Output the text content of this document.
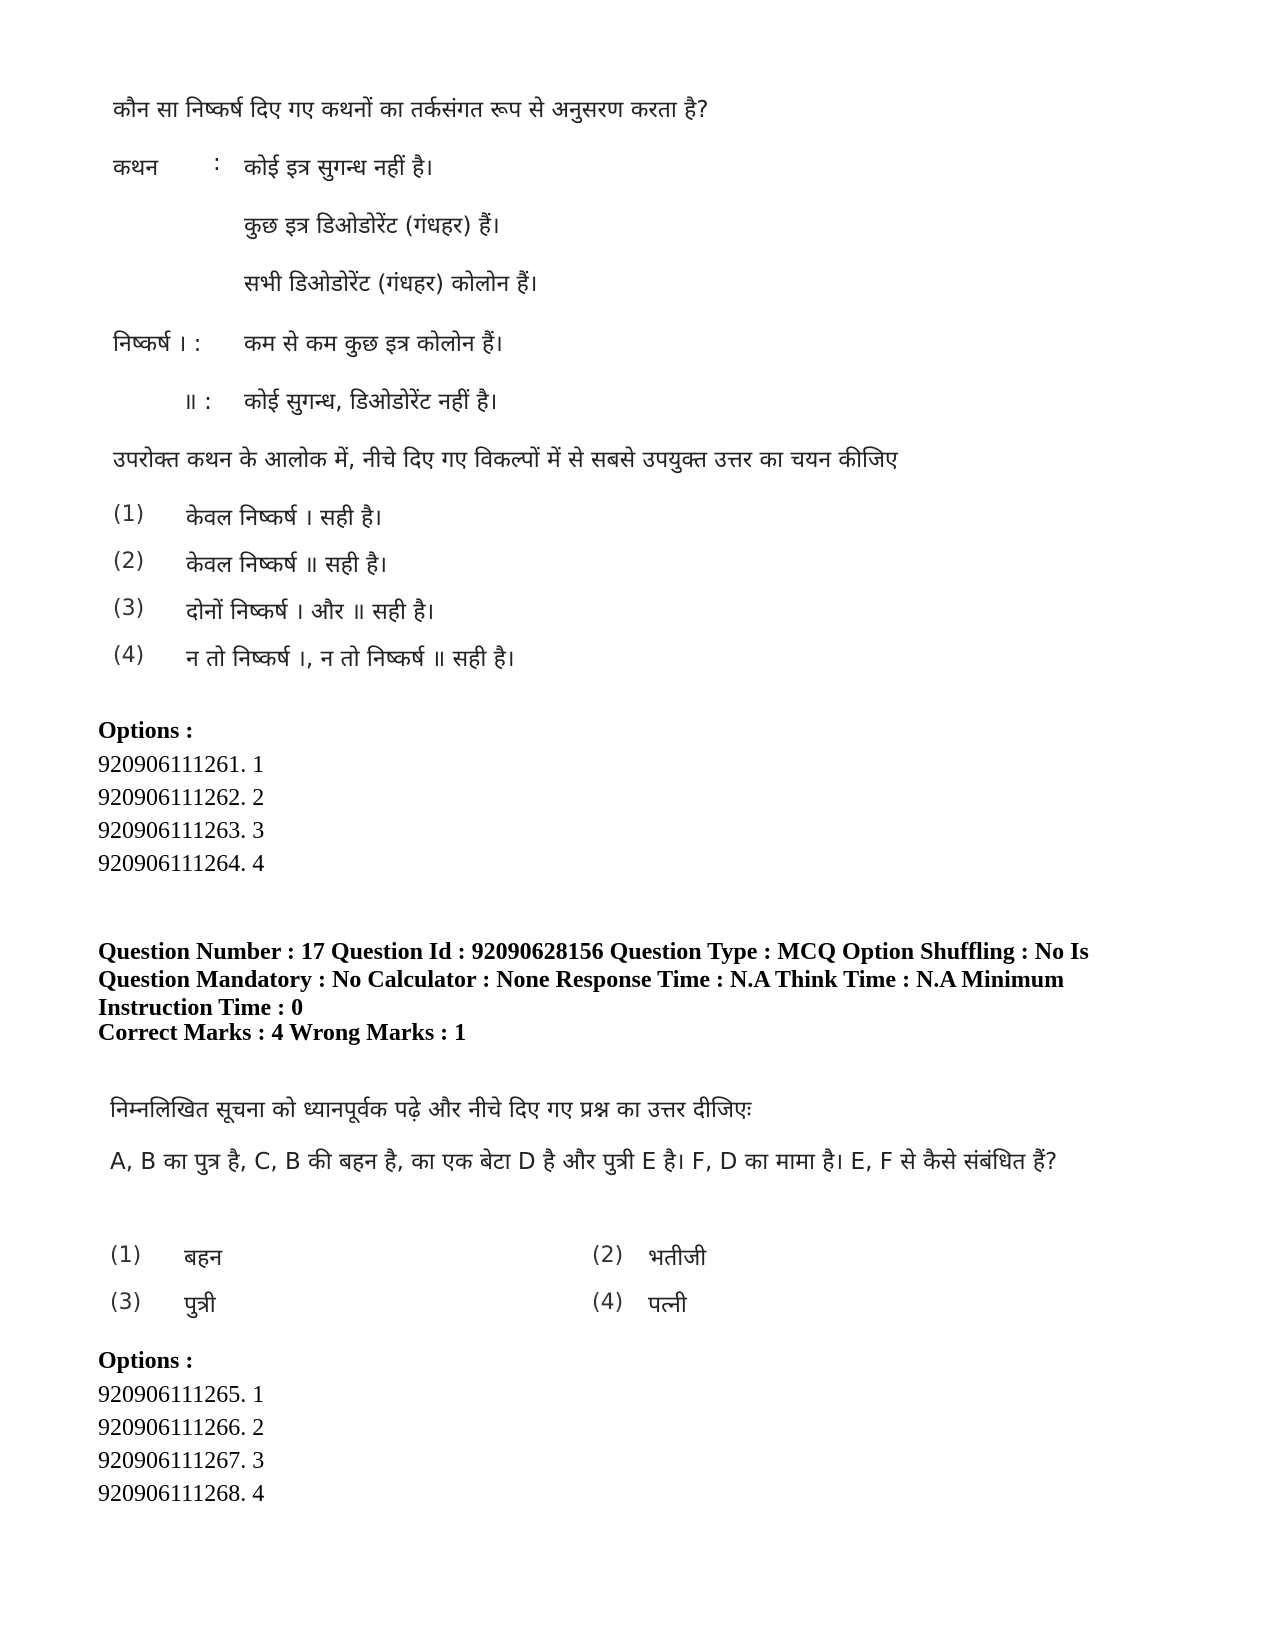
कौन सा निष्कर्ष दिए गए कथनों का तर्कसंगत रूप से अनुसरण करता है?
कथन : कोई इत्र सुगन्ध नहीं है।
कुछ इत्र डिओडोरेंट (गंधहर) हैं।
सभी डिओडोरेंट (गंधहर) कोलोन हैं।
निष्कर्ष । : कम से कम कुछ इत्र कोलोन हैं।
॥ : कोई सुगन्ध, डिओडोरेंट नहीं है।
उपरोक्त कथन के आलोक में, नीचे दिए गए विकल्पों में से सबसे उपयुक्त उत्तर का चयन कीजिए
(1) केवल निष्कर्ष । सही है।
(2) केवल निष्कर्ष ॥ सही है।
(3) दोनों निष्कर्ष । और ॥ सही है।
(4) न तो निष्कर्ष ।, न तो निष्कर्ष ॥ सही है।
Options :
920906111261. 1
920906111262. 2
920906111263. 3
920906111264. 4
Question Number : 17 Question Id : 92090628156 Question Type : MCQ Option Shuffling : No Is Question Mandatory : No Calculator : None Response Time : N.A Think Time : N.A Minimum Instruction Time : 0
Correct Marks : 4 Wrong Marks : 1
निम्नलिखित सूचना को ध्यानपूर्वक पढ़े और नीचे दिए गए प्रश्न का उत्तर दीजिएः
A, B का पुत्र है, C, B की बहन है, का एक बेटा D है और पुत्री E है। F, D का मामा है। E, F से कैसे संबंधित हैं?
(1) बहन	(2) भतीजी
(3) पुत्री	(4) पत्नी
Options :
920906111265. 1
920906111266. 2
920906111267. 3
920906111268. 4
